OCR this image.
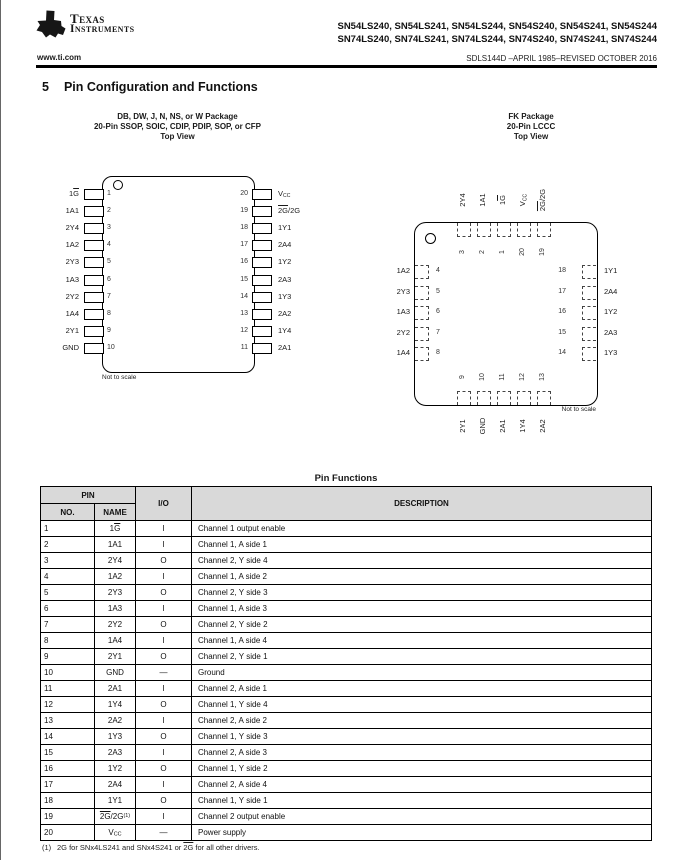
Texas
Instruments	SN54LS240, SN54LS241, SN54LS244, SN54S240, SN54S241, SN54S244
SN74LS240, SN74LS241, SN74LS244, SN74S240, SN74S241, SN74S244
www.ti.com	SDLS144D –APRIL 1985–REVISED OCTOBER 2016
5 Pin Configuration and Functions
DB, DW, J, N, NS, or W Package
20-Pin SSOP, SOIC, CDIP, PDIP, SOP, or CFP
Top View
Not to scale
$1\overline{G}$	1
1A1	2
2Y4	3
1A2	4
2Y3	5
1A3	6
2Y2	7
1A4	8
2Y1	9
GND	10
20	$V_{CC}$
19	2G/2G
18	1Y1
17	2A4
16	1Y2
15	2A3
14	1Y3
13	2A2
12	1Y4
11	2A1
FK Package
20-Pin LCCC
Top View
Not to scale
2Y4
3
1A1
2
$1\overline{G}$
1
$V_{CC}$
20
2G/2G
19
9
2Y1
10
GND
11
2A1
12
1Y4
13
2A2
1A2	4
2Y3	5
1A3	6
2Y2	7
1A4	8
18	1Y1
17	2A4
16	1Y2
15	2A3
14	1Y3
Pin Functions
PIN		I/O	DESCRIPTION
NO.	NAME		
1	$1\overline{G}$	I	Channel 1 output enable
2	1A1	I	Channel 1, A side 1
3	2Y4	O	Channel 2, Y side 4
4	1A2	I	Channel 1, A side 2
5	2Y3	O	Channel 2, Y side 3
6	1A3	I	Channel 1, A side 3
7	2Y2	O	Channel 2, Y side 2
8	1A4	I	Channel 1, A side 4
9	2Y1	O	Channel 2, Y side 1
10	GND	—	Ground
11	2A1	I	Channel 2, A side 1
12	1Y4	O	Channel 1, Y side 4
13	2A2	I	Channel 2, A side 2
14	1Y3	O	Channel 1, Y side 3
15	2A3	I	Channel 2, A side 3
16	1Y2	O	Channel 1, Y side 2
17	2A4	I	Channel 2, A side 4
18	1Y1	O	Channel 1, Y side 1
19	$2G/2G^{(1)}$	I	Channel 2 output enable
20	$V_{CC}$	—	Power supply
(1)  2G for SNx4LS241 and SNx4S241 or 2G for all other drivers.
